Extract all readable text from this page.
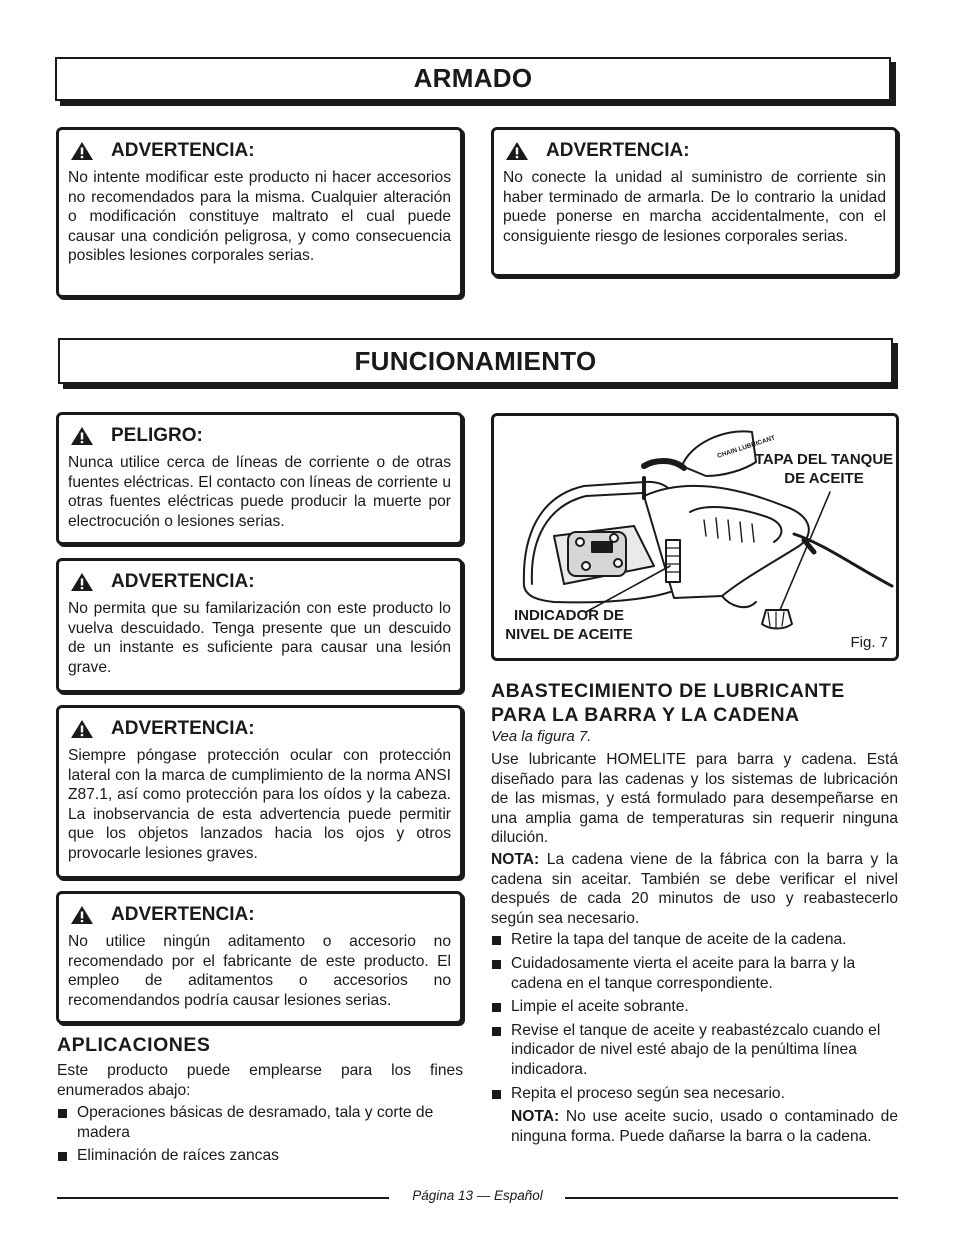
ARMADO
ADVERTENCIA:
No intente modificar este producto ni hacer accesorios no recomendados para la misma. Cualquier alteración o modificación constituye maltrato el cual puede causar una condición peligrosa, y como consecuencia posibles lesiones corporales serias.
ADVERTENCIA:
No conecte la unidad al suministro de corriente sin haber terminado de armarla. De lo contrario la unidad puede ponerse en marcha accidentalmente, con el consiguiente riesgo de lesiones corporales serias.
FUNCIONAMIENTO
PELIGRO:
Nunca utilice cerca de líneas de corriente o de otras fuentes eléctricas. El contacto con líneas de corriente u otras fuentes eléctricas puede producir la muerte por electrocución o lesiones serias.
ADVERTENCIA:
No permita que su familarización con este producto lo vuelva descuidado. Tenga presente que un descuido de un instante es suficiente para causar una lesión grave.
ADVERTENCIA:
Siempre póngase protección ocular con protección lateral con la marca de cumplimiento de la norma ANSI Z87.1, así como protección para los oídos y la cabeza. La inobservancia de esta advertencia puede permitir que los objetos lanzados hacia los ojos y otros provocarle lesiones graves.
ADVERTENCIA:
No utilice ningún aditamento o accesorio no recomendado por el fabricante de este producto. El empleo de aditamentos o accesorios no recomendandos podría causar lesiones serias.
APLICACIONES

Este producto puede emplearse para los fines enumerados abajo:

Operaciones básicas de desramado, tala y corte de madera
Eliminación de raíces zancas
CHAIN LUBRICANT
TAPA DEL TANQUE DE ACEITE
INDICADOR DE NIVEL DE ACEITE	Fig. 7
ABASTECIMIENTO DE LUBRICANTE
PARA LA BARRA Y LA CADENA
Vea la figura 7.

Use lubricante HOMELITE para barra y cadena. Está diseñado para las cadenas y los sistemas de lubricación de las mismas, y está formulado para desempeñarse en una amplia gama de temperaturas sin requerir ninguna dilución.

NOTA: La cadena viene de la fábrica con la barra y la cadena sin aceitar. También se debe verificar el nivel después de cada 20 minutos de uso y reabastecerlo según sea necesario.

Retire la tapa del tanque de aceite de la cadena.
Cuidadosamente vierta el aceite para la barra y la cadena en el tanque correspondiente.
Limpie el aceite sobrante.
Revise el tanque de aceite y reabastézcalo cuando el indicador de nivel esté abajo de la penúltima línea indicadora.
Repita el proceso según sea necesario.
NOTA: No use aceite sucio, usado o contaminado de ninguna forma. Puede dañarse la barra o la cadena.
Página 13 — Español
